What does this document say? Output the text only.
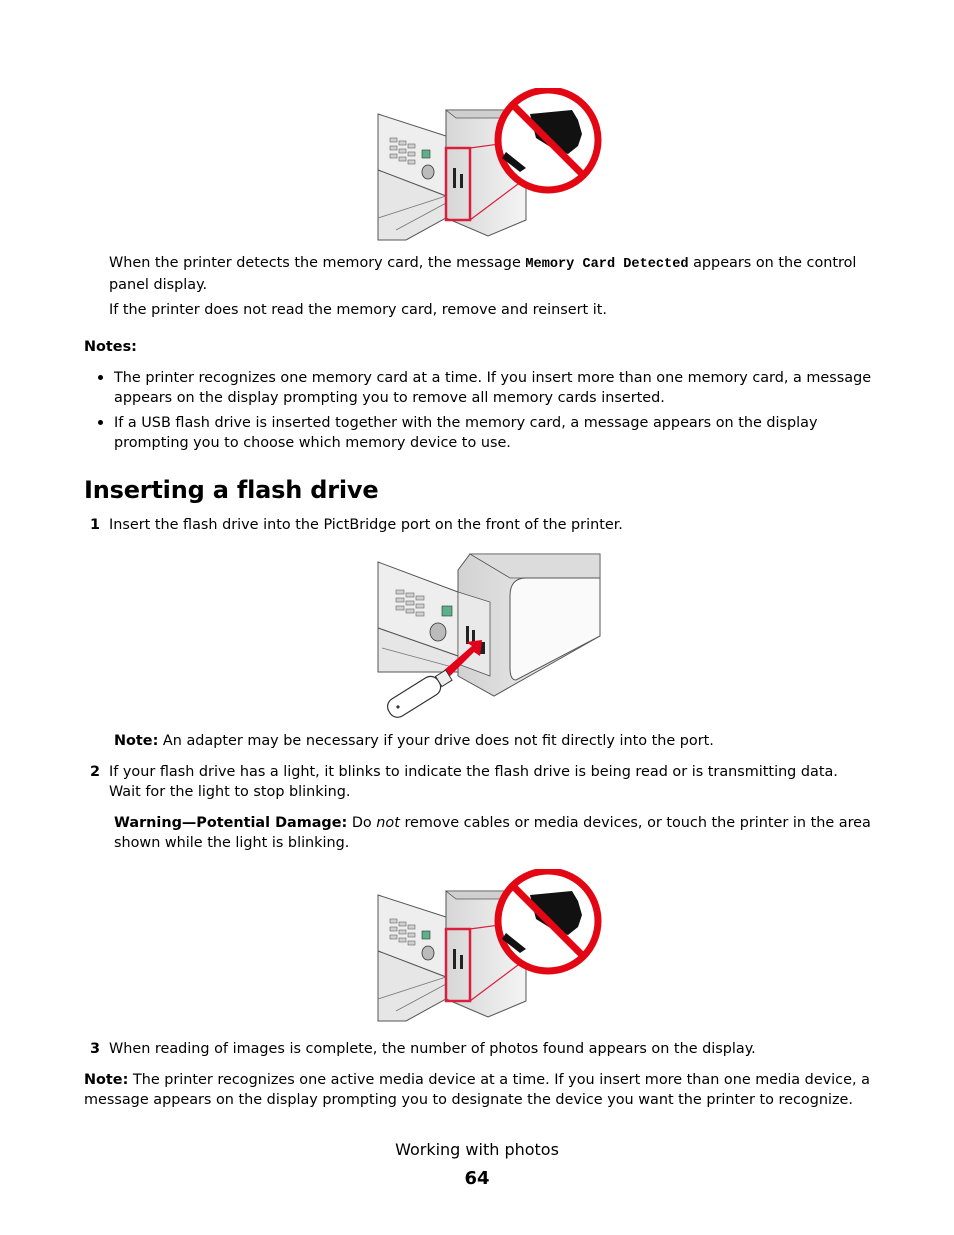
When the printer detects the memory card, the message Memory Card Detected appears on the control panel display.

If the printer does not read the memory card, remove and reinsert it.

Notes:

The printer recognizes one memory card at a time. If you insert more than one memory card, a message appears on the display prompting you to remove all memory cards inserted.

If a USB flash drive is inserted together with the memory card, a message appears on the display prompting you to choose which memory device to use.

Inserting a flash drive
1 Insert the flash drive into the PictBridge port on the front of the printer.

Note: An adapter may be necessary if your drive does not fit directly into the port.

2 If your flash drive has a light, it blinks to indicate the flash drive is being read or is transmitting data. Wait for the light to stop blinking.

Warning—Potential Damage: Do not remove cables or media devices, or touch the printer in the area shown while the light is blinking.

3 When reading of images is complete, the number of photos found appears on the display.

Note: The printer recognizes one active media device at a time. If you insert more than one media device, a message appears on the display prompting you to designate the device you want the printer to recognize.

Working with photos
64
